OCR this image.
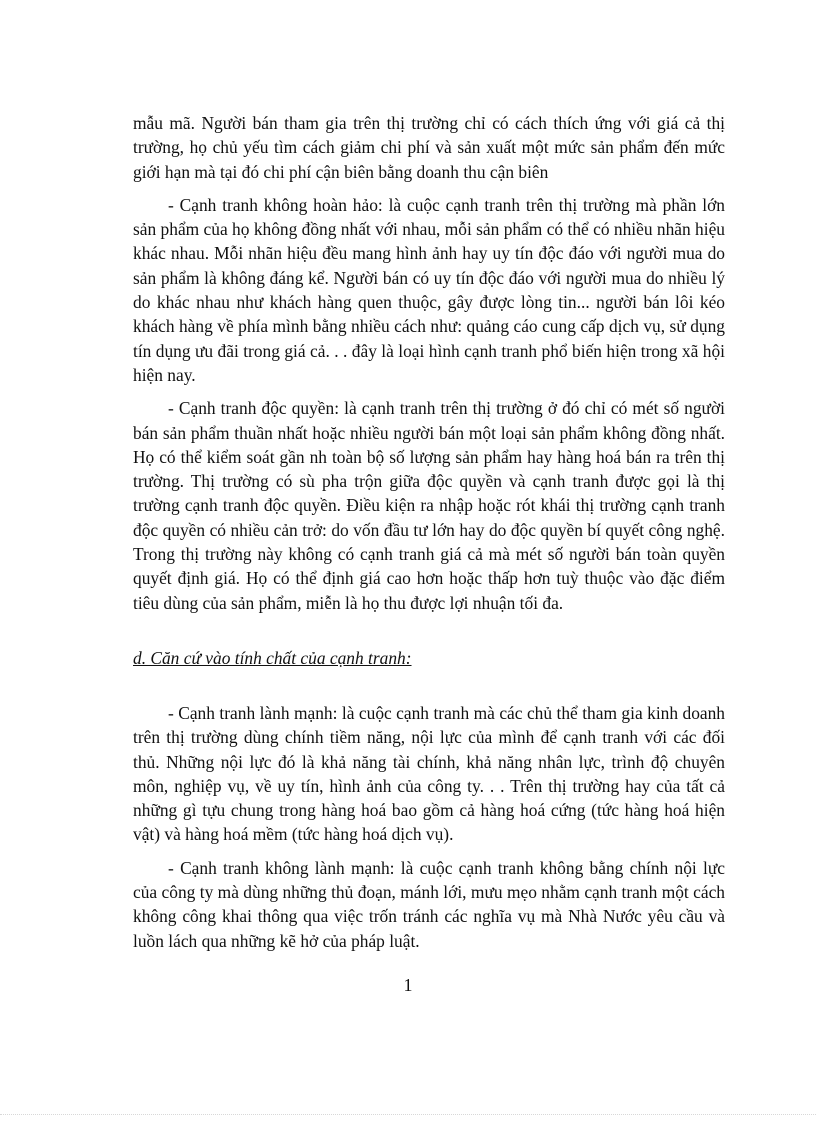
mẫu mã. Người bán tham gia trên thị trường chỉ có cách thích ứng với giá cả thị trường, họ chủ yếu tìm cách giảm chi phí và sản xuất một mức sản phẩm đến mức giới hạn mà tại đó chi phí cận biên bằng doanh thu cận biên

- Cạnh tranh không hoàn hảo: là cuộc cạnh tranh trên thị trường mà phần lớn sản phẩm của họ không đồng nhất với nhau, mỗi sản phẩm có thể có nhiều nhãn hiệu khác nhau. Mỗi nhãn hiệu đều mang hình ảnh hay uy tín độc đáo với người mua do sản phẩm là không đáng kể. Người bán có uy tín độc đáo với người mua do nhiều lý do khác nhau như khách hàng quen thuộc, gây được lòng tin... người bán lôi kéo khách hàng về phía mình bằng nhiều cách như: quảng cáo cung cấp dịch vụ, sử dụng tín dụng ưu đãi trong giá cả. . . đây là loại hình cạnh tranh phổ biến hiện trong xã hội hiện nay.

- Cạnh tranh độc quyền: là cạnh tranh trên thị trường ở đó chỉ có mét số người bán sản phẩm thuần nhất hoặc nhiều người bán một loại sản phẩm không đồng nhất. Họ có thể kiểm soát gần nh toàn bộ số lượng sản phẩm hay hàng hoá bán ra trên thị trường. Thị trường có sù pha trộn giữa độc quyền và cạnh tranh được gọi là thị trường cạnh tranh độc quyền. Điều kiện ra nhập hoặc rót khái thị trường cạnh tranh độc quyền có nhiều cản trở: do vốn đầu tư lớn hay do độc quyền bí quyết công nghệ. Trong thị trường này không có cạnh tranh giá cả mà mét số người bán toàn quyền quyết định giá. Họ có thể định giá cao hơn hoặc thấp hơn tuỳ thuộc vào đặc điểm tiêu dùng của sản phẩm, miễn là họ thu được lợi nhuận tối đa.

d. Căn cứ vào tính chất của cạnh tranh:

- Cạnh tranh lành mạnh: là cuộc cạnh tranh mà các chủ thể tham gia kinh doanh trên thị trường dùng chính tiềm năng, nội lực của mình để cạnh tranh với các đối thủ. Những nội lực đó là khả năng tài chính, khả năng nhân lực, trình độ chuyên môn, nghiệp vụ, về uy tín, hình ảnh của công ty. . . Trên thị trường hay của tất cả những gì tựu chung trong hàng hoá bao gồm cả hàng hoá cứng (tức hàng hoá hiện vật) và hàng hoá mềm (tức hàng hoá dịch vụ).

- Cạnh tranh không lành mạnh: là cuộc cạnh tranh không bằng chính nội lực của công ty mà dùng những thủ đoạn, mánh lới, mưu mẹo nhằm cạnh tranh một cách không công khai thông qua việc trốn tránh các nghĩa vụ mà Nhà Nước yêu cầu và luồn lách qua những kẽ hở của pháp luật.

1
